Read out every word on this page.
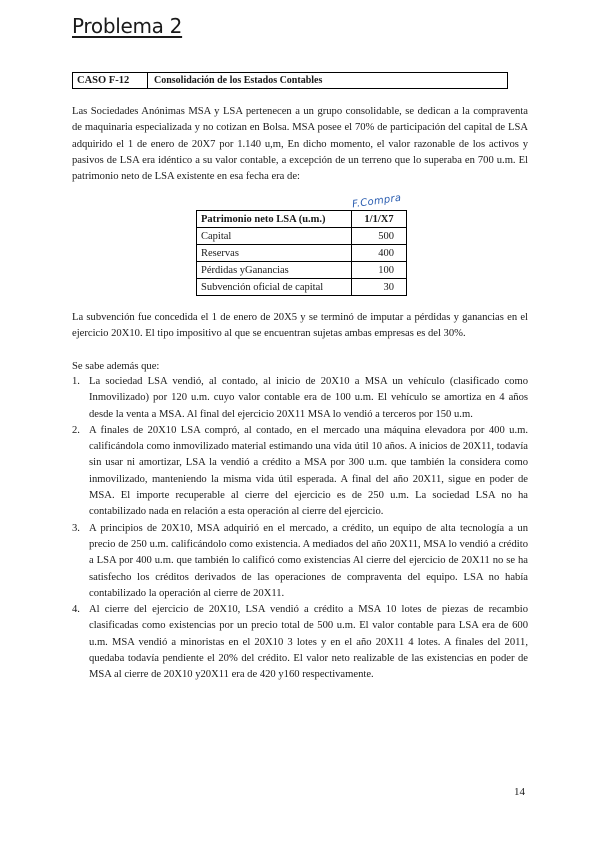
Problema 2
CASO F-12	Consolidación de los Estados Contables

Las Sociedades Anónimas MSA y LSA pertenecen a un grupo consolidable, se dedican a la compraventa de maquinaria especializada y no cotizan en Bolsa. MSA posee el 70% de participación del capital de LSA adquirido el 1 de enero de 20X7 por 1.140 u,m, En dicho momento, el valor razonable de los activos y pasivos de LSA era idéntico a su valor contable, a excepción de un terreno que lo superaba en 700 u.m. El patrimonio neto de LSA existente en esa fecha era de:

F.Compra
Patrimonio neto LSA (u.m.)	1/1/X7
Capital	500
Reservas	400
Pérdidas yGanancias	100
Subvención oficial de capital	30

La subvención fue concedida el 1 de enero de 20X5 y se terminó de imputar a pérdidas y ganancias en el ejercicio 20X10. El tipo impositivo al que se encuentran sujetas ambas empresas es del 30%.

Se sabe además que:
1. La sociedad LSA vendió, al contado, al inicio de 20X10 a MSA un vehículo (clasificado como Inmovilizado) por 120 u.m. cuyo valor contable era de 100 u.m. El vehículo se amortiza en 4 años desde la venta a MSA. Al final del ejercicio 20X11 MSA lo vendió a terceros por 150 u.m.
2. A finales de 20X10 LSA compró, al contado, en el mercado una máquina elevadora por 400 u.m. calificándola como inmovilizado material estimando una vida útil 10 años. A inicios de 20X11, todavía sin usar ni amortizar, LSA la vendió a crédito a MSA por 300 u.m. que también la considera como inmovilizado, manteniendo la misma vida útil esperada. A final del año 20X11, sigue en poder de MSA. El importe recuperable al cierre del ejercicio es de 250 u.m. La sociedad LSA no ha contabilizado nada en relación a esta operación al cierre del ejercicio.
3. A principios de 20X10, MSA adquirió en el mercado, a crédito, un equipo de alta tecnología a un precio de 250 u.m. calificándolo como existencia. A mediados del año 20X11, MSA lo vendió a crédito a LSA por 400 u.m. que también lo calificó como existencias Al cierre del ejercicio de 20X11 no se ha satisfecho los créditos derivados de las operaciones de compraventa del equipo. LSA no había contabilizado la operación al cierre de 20X11.
4. Al cierre del ejercicio de 20X10, LSA vendió a crédito a MSA 10 lotes de piezas de recambio clasificadas como existencias por un precio total de 500 u.m. El valor contable para LSA era de 600 u.m. MSA vendió a minoristas en el 20X10 3 lotes y en el año 20X11 4 lotes. A finales del 2011, quedaba todavía pendiente el 20% del crédito. El valor neto realizable de las existencias en poder de MSA al cierre de 20X10 y20X11 era de 420 y160 respectivamente.
14
